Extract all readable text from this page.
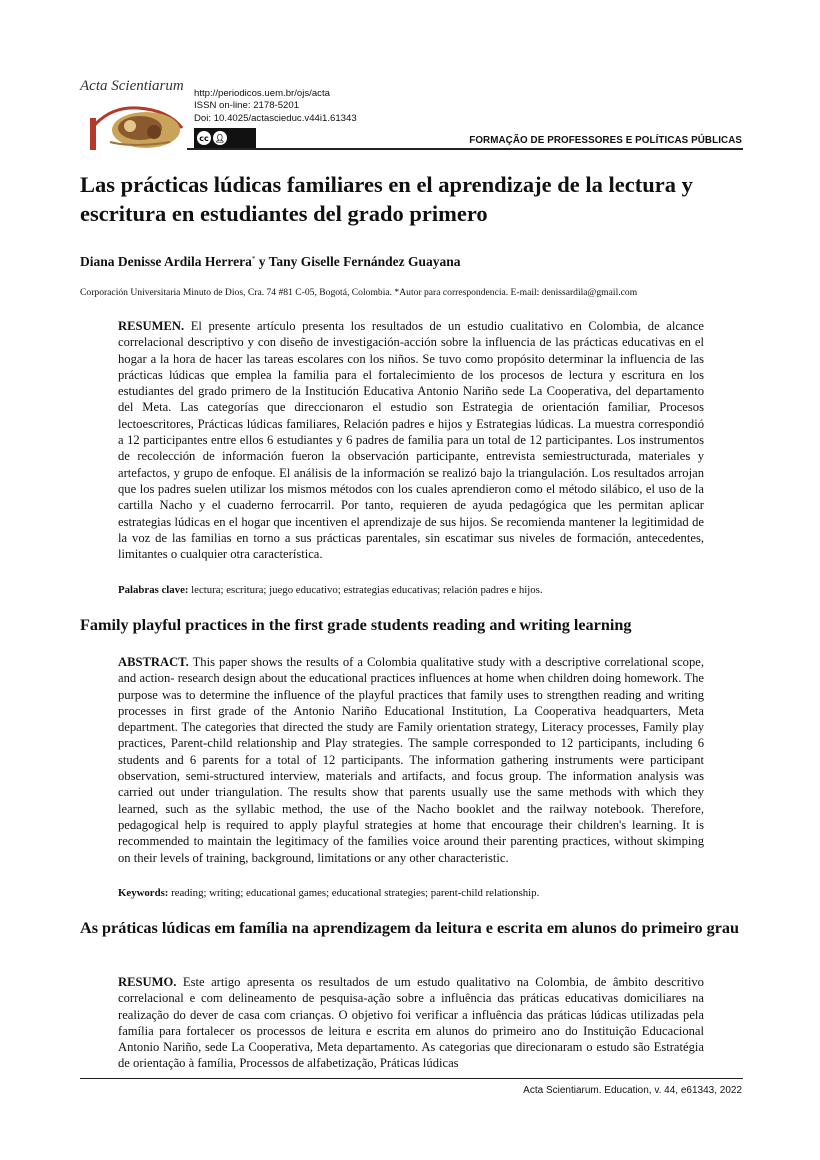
Acta Scientiarum http://periodicos.uem.br/ojs/acta
ISSN on-line: 2178-5201
Doi: 10.4025/actascieduc.v44i1.61343
cc 👤︎	FORMAÇÃO DE PROFESSORES E POLÍTICAS PÚBLICAS
Las prácticas lúdicas familiares en el aprendizaje de la lectura y escritura en estudiantes del grado primero
Diana Denisse Ardila Herrera* y Tany Giselle Fernández Guayana
Corporación Universitaria Minuto de Dios, Cra. 74 #81 C-05, Bogotá, Colombia. *Autor para correspondencia. E-mail: denissardila@gmail.com
RESUMEN. El presente artículo presenta los resultados de un estudio cualitativo en Colombia, de alcance correlacional descriptivo y con diseño de investigación-acción sobre la influencia de las prácticas educativas en el hogar a la hora de hacer las tareas escolares con los niños. Se tuvo como propósito determinar la influencia de las prácticas lúdicas que emplea la familia para el fortalecimiento de los procesos de lectura y escritura en los estudiantes del grado primero de la Institución Educativa Antonio Nariño sede La Cooperativa, del departamento del Meta. Las categorías que direccionaron el estudio son Estrategia de orientación familiar, Procesos lectoescritores, Prácticas lúdicas familiares, Relación padres e hijos y Estrategias lúdicas. La muestra correspondió a 12 participantes entre ellos 6 estudiantes y 6 padres de familia para un total de 12 participantes. Los instrumentos de recolección de información fueron la observación participante, entrevista semiestructurada, materiales y artefactos, y grupo de enfoque. El análisis de la información se realizó bajo la triangulación. Los resultados arrojan que los padres suelen utilizar los mismos métodos con los cuales aprendieron como el método silábico, el uso de la cartilla Nacho y el cuaderno ferrocarril. Por tanto, requieren de ayuda pedagógica que les permitan aplicar estrategias lúdicas en el hogar que incentiven el aprendizaje de sus hijos. Se recomienda mantener la legitimidad de la voz de las familias en torno a sus prácticas parentales, sin escatimar sus niveles de formación, antecedentes, limitantes o cualquier otra característica.
Palabras clave: lectura; escritura; juego educativo; estrategias educativas; relación padres e hijos.
Family playful practices in the first grade students reading and writing learning
ABSTRACT. This paper shows the results of a Colombia qualitative study with a descriptive correlational scope, and action- research design about the educational practices influences at home when children doing homework. The purpose was to determine the influence of the playful practices that family uses to strengthen reading and writing processes in first grade of the Antonio Nariño Educational Institution, La Cooperativa headquarters, Meta department. The categories that directed the study are Family orientation strategy, Literacy processes, Family play practices, Parent-child relationship and Play strategies. The sample corresponded to 12 participants, including 6 students and 6 parents for a total of 12 participants. The information gathering instruments were participant observation, semi-structured interview, materials and artifacts, and focus group. The information analysis was carried out under triangulation. The results show that parents usually use the same methods with which they learned, such as the syllabic method, the use of the Nacho booklet and the railway notebook. Therefore, pedagogical help is required to apply playful strategies at home that encourage their children's learning. It is recommended to maintain the legitimacy of the families voice around their parenting practices, without skimping on their levels of training, background, limitations or any other characteristic.
Keywords: reading; writing; educational games; educational strategies; parent-child relationship.
As práticas lúdicas em família na aprendizagem da leitura e escrita em alunos do primeiro grau
RESUMO. Este artigo apresenta os resultados de um estudo qualitativo na Colombia, de âmbito descritivo correlacional e com delineamento de pesquisa-ação sobre a influência das práticas educativas domiciliares na realização do dever de casa com crianças. O objetivo foi verificar a influência das práticas lúdicas utilizadas pela família para fortalecer os processos de leitura e escrita em alunos do primeiro ano do Instituição Educacional Antonio Nariño, sede La Cooperativa, Meta departamento. As categorias que direcionaram o estudo são Estratégia de orientação à família, Processos de alfabetização, Práticas lúdicas
Acta Scientiarum. Education, v. 44, e61343, 2022
